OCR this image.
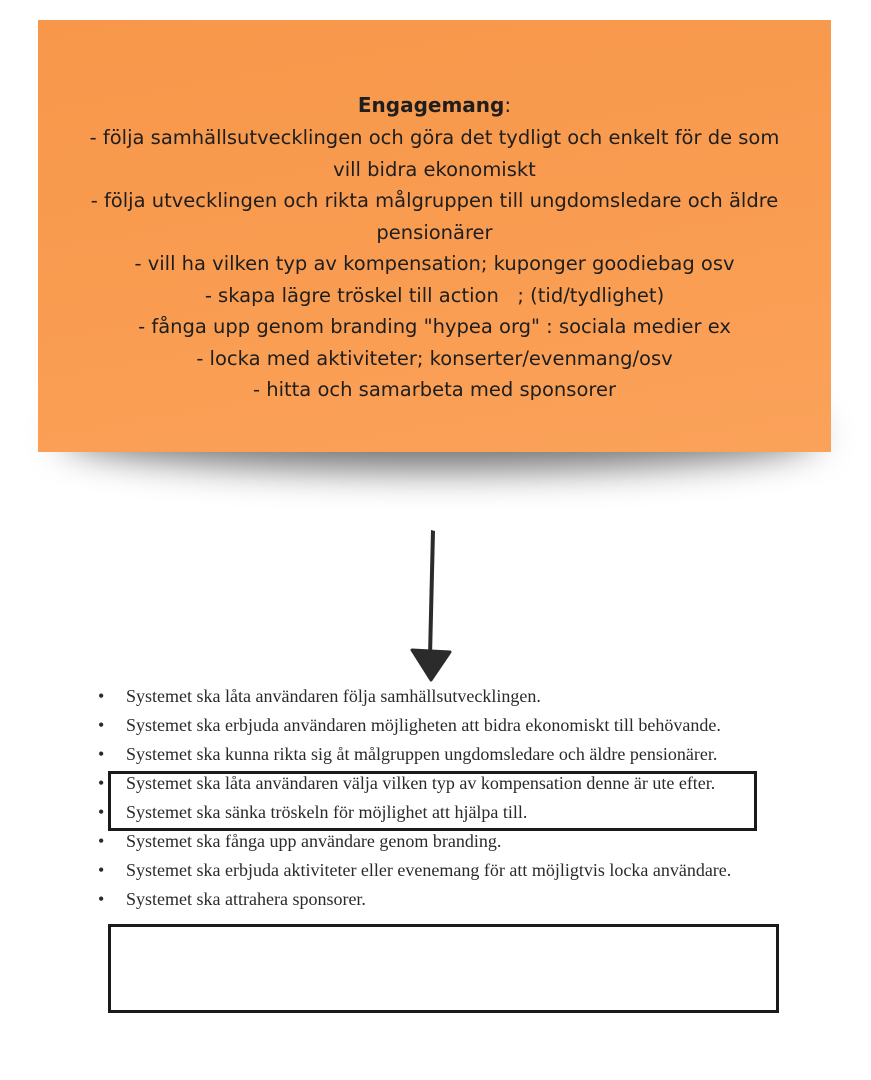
Engagemang:
- följa samhällsutvecklingen och göra det tydligt och enkelt för de som vill bidra ekonomiskt
- följa utvecklingen och rikta målgruppen till ungdomsledare och äldre pensionärer
- vill ha vilken typ av kompensation; kuponger goodiebag osv
- skapa lägre tröskel till action   ; (tid/tydlighet)
- fånga upp genom branding "hypea org" : sociala medier ex
- locka med aktiviteter; konserter/evenmang/osv
- hitta och samarbeta med sponsorer
• Systemet ska låta användaren följa samhällsutvecklingen.
• Systemet ska erbjuda användaren möjligheten att bidra ekonomiskt till behövande.
• Systemet ska kunna rikta sig åt målgruppen ungdomsledare och äldre pensionärer.
• Systemet ska låta användaren välja vilken typ av kompensation denne är ute efter.
• Systemet ska sänka tröskeln för möjlighet att hjälpa till.
• Systemet ska fånga upp användare genom branding.
• Systemet ska erbjuda aktiviteter eller evenemang för att möjligtvis locka användare.
• Systemet ska attrahera sponsorer.
